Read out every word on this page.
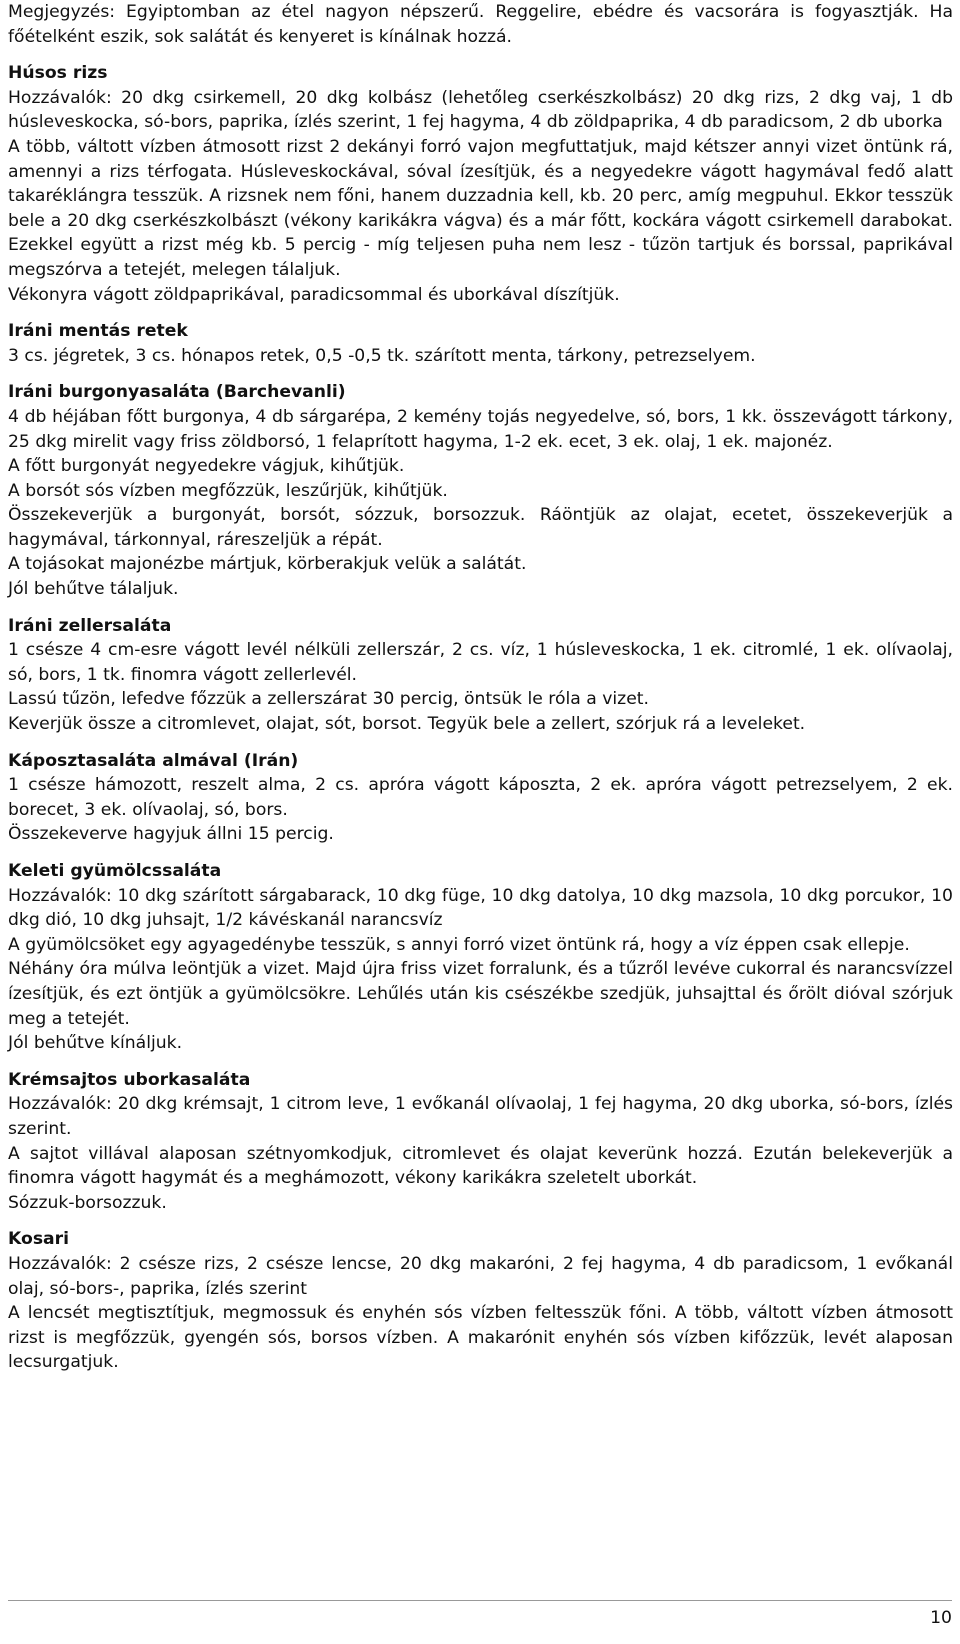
Megjegyzés: Egyiptomban az étel nagyon népszerű. Reggelire, ebédre és vacsorára is fogyasztják. Ha főételként eszik, sok salátát és kenyeret is kínálnak hozzá.

Húsos rizs

Hozzávalók: 20 dkg csirkemell, 20 dkg kolbász (lehetőleg cserkészkolbász) 20 dkg rizs, 2 dkg vaj, 1 db húsleveskocka, só-bors, paprika, ízlés szerint, 1 fej hagyma, 4 db zöldpaprika, 4 db paradicsom, 2 db uborka

A több, váltott vízben átmosott rizst 2 dekányi forró vajon megfuttatjuk, majd kétszer annyi vizet öntünk rá, amennyi a rizs térfogata. Húsleveskockával, sóval ízesítjük, és a negyedekre vágott hagymával fedő alatt takaréklángra tesszük. A rizsnek nem főni, hanem duzzadnia kell, kb. 20 perc, amíg megpuhul. Ekkor tesszük bele a 20 dkg cserkészkolbászt (vékony karikákra vágva) és a már főtt, kockára vágott csirkemell darabokat. Ezekkel együtt a rizst még kb. 5 percig - míg teljesen puha nem lesz - tűzön tartjuk és borssal, paprikával megszórva a tetejét, melegen tálaljuk.

Vékonyra vágott zöldpaprikával, paradicsommal és uborkával díszítjük.

Iráni mentás retek

3 cs. jégretek, 3 cs. hónapos retek, 0,5 -0,5 tk. szárított menta, tárkony, petrezselyem.

Iráni burgonyasaláta (Barchevanli)

4 db héjában főtt burgonya, 4 db sárgarépa, 2 kemény tojás negyedelve, só, bors, 1 kk. összevágott tárkony, 25 dkg mirelit vagy friss zöldborsó, 1 felaprított hagyma, 1-2 ek. ecet, 3 ek. olaj, 1 ek. majonéz.

A főtt burgonyát negyedekre vágjuk, kihűtjük.

A borsót sós vízben megfőzzük, leszűrjük, kihűtjük.

Összekeverjük a burgonyát, borsót, sózzuk, borsozzuk. Ráöntjük az olajat, ecetet, összekeverjük a hagymával, tárkonnyal, ráreszeljük a répát.

A tojásokat majonézbe mártjuk, körberakjuk velük a salátát.

Jól behűtve tálaljuk.

Iráni zellersaláta

1 csésze 4 cm-esre vágott levél nélküli zellerszár, 2 cs. víz, 1 húsleveskocka, 1 ek. citromlé, 1 ek. olívaolaj, só, bors, 1 tk. finomra vágott zellerlevél.

Lassú tűzön, lefedve főzzük a zellerszárat 30 percig, öntsük le róla a vizet.

Keverjük össze a citromlevet, olajat, sót, borsot. Tegyük bele a zellert, szórjuk rá a leveleket.

Káposztasaláta almával (Irán)

1 csésze hámozott, reszelt alma, 2 cs. apróra vágott káposzta, 2 ek. apróra vágott petrezselyem, 2 ek. borecet, 3 ek. olívaolaj, só, bors.

Összekeverve hagyjuk állni 15 percig.

Keleti gyümölcssaláta

Hozzávalók: 10 dkg szárított sárgabarack, 10 dkg füge, 10 dkg datolya, 10 dkg mazsola, 10 dkg porcukor, 10 dkg dió, 10 dkg juhsajt, 1/2 kávéskanál narancsvíz

A gyümölcsöket egy agyagedénybe tesszük, s annyi forró vizet öntünk rá, hogy a víz éppen csak ellepje.

Néhány óra múlva leöntjük a vizet. Majd újra friss vizet forralunk, és a tűzről levéve cukorral és narancsvízzel ízesítjük, és ezt öntjük a gyümölcsökre. Lehűlés után kis csészékbe szedjük, juhsajttal és őrölt dióval szórjuk meg a tetejét.

Jól behűtve kínáljuk.

Krémsajtos uborkasaláta

Hozzávalók: 20 dkg krémsajt, 1 citrom leve, 1 evőkanál olívaolaj, 1 fej hagyma, 20 dkg uborka, só-bors, ízlés szerint.

A sajtot villával alaposan szétnyomkodjuk, citromlevet és olajat keverünk hozzá. Ezután belekeverjük a finomra vágott hagymát és a meghámozott, vékony karikákra szeletelt uborkát.

Sózzuk-borsozzuk.

Kosari

Hozzávalók: 2 csésze rizs, 2 csésze lencse, 20 dkg makaróni, 2 fej hagyma, 4 db paradicsom, 1 evőkanál olaj, só-bors-, paprika, ízlés szerint

A lencsét megtisztítjuk, megmossuk és enyhén sós vízben feltesszük főni. A több, váltott vízben átmosott rizst is megfőzzük, gyengén sós, borsos vízben. A makarónit enyhén sós vízben kifőzzük, levét alaposan lecsurgatjuk.

10
